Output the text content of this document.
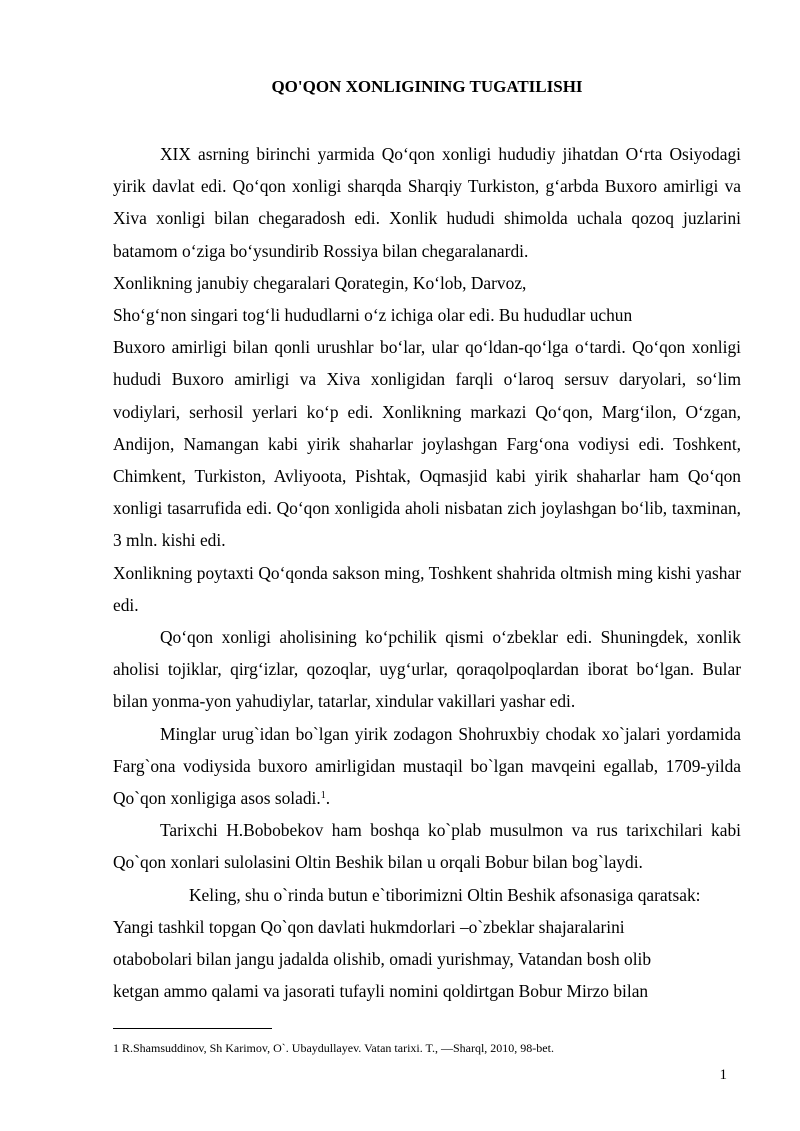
QO'QON XONLIGINING TUGATILISHI

XIX asrning birinchi yarmida Qo‘qon xonligi hududiy jihatdan O‘rta Osiyodagi yirik davlat edi. Qo‘qon xonligi sharqda Sharqiy Turkiston, g‘arbda Buxoro amirligi va Xiva xonligi bilan chegaradosh edi. Xonlik hududi shimolda uchala qozoq juzlarini batamom o‘ziga bo‘ysundirib Rossiya bilan chegaralanardi.

Xonlikning janubiy chegaralari Qorategin, Ko‘lob, Darvoz,

Sho‘g‘non singari tog‘li hududlarni o‘z ichiga olar edi. Bu hududlar uchun

Buxoro amirligi bilan qonli urushlar bo‘lar, ular qo‘ldan-qo‘lga o‘tardi. Qo‘qon xonligi hududi Buxoro amirligi va Xiva xonligidan farqli o‘laroq sersuv daryolari, so‘lim vodiylari, serhosil yerlari ko‘p edi. Xonlikning markazi Qo‘qon, Marg‘ilon, O‘zgan, Andijon, Namangan kabi yirik shaharlar joylashgan Farg‘ona vodiysi edi. Toshkent, Chimkent, Turkiston, Avliyoota, Pishtak, Oqmasjid kabi yirik shaharlar ham Qo‘qon xonligi tasarrufida edi. Qo‘qon xonligida aholi nisbatan zich joylashgan bo‘lib, taxminan, 3 mln. kishi edi.

Xonlikning poytaxti Qo‘qonda sakson ming, Toshkent shahrida oltmish ming kishi yashar edi.

Qo‘qon xonligi aholisining ko‘pchilik qismi o‘zbeklar edi. Shuningdek, xonlik aholisi tojiklar, qirg‘izlar, qozoqlar, uyg‘urlar, qoraqolpoqlardan iborat bo‘lgan. Bular bilan yonma-yon yahudiylar, tatarlar, xindular vakillari yashar edi.

Minglar urug`idan bo`lgan yirik zodagon Shohruxbiy chodak xo`jalari yordamida Farg`ona vodiysida buxoro amirligidan mustaqil bo`lgan mavqeini egallab, 1709-yilda Qo`qon xonligiga asos soladi.$^1$.

Tarixchi H.Bobobekov ham boshqa ko`plab musulmon va rus tarixchilari kabi Qo`qon xonlari sulolasini Oltin Beshik bilan u orqali Bobur bilan bog`laydi.

Keling, shu o`rinda butun e`tiborimizni Oltin Beshik afsonasiga qaratsak:

Yangi tashkil topgan Qo`qon davlati hukmdorlari –o`zbeklar shajaralarini

otabobolari bilan jangu jadalda olishib, omadi yurishmay, Vatandan bosh olib

ketgan ammo qalami va jasorati tufayli nomini qoldirtgan Bobur Mirzo bilan

1 R.Shamsuddinov, Sh Karimov, O`. Ubaydullayev. Vatan tarixi. T., —Sharql, 2010, 98-bet.
1
